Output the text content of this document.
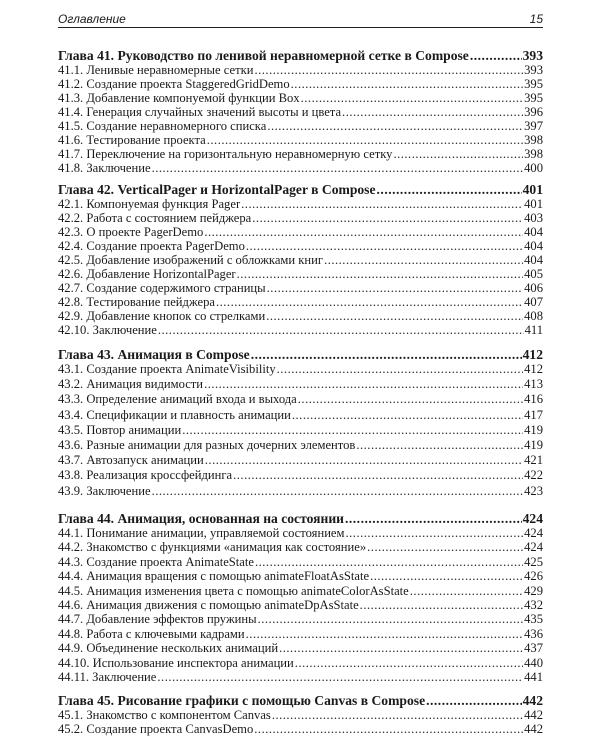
Оглавление	15
Глава 41. Руководство по ленивой неравномерной сетке в Compose .....	393
41.1. Ленивые неравномерные сетки .....	393
41.2. Создание проекта StaggeredGridDemo .....	395
41.3. Добавление компонуемой функции Box .....	395
41.4. Генерация случайных значений высоты и цвета .....	396
41.5. Создание неравномерного списка .....	397
41.6. Тестирование проекта .....	398
41.7. Переключение на горизонтальную неравномерную сетку .....	398
41.8. Заключение .....	400
Глава 42. VerticalPager и HorizontalPager в Compose .....	401
42.1. Компонуемая функция Pager .....	401
42.2. Работа с состоянием пейджера .....	403
42.3. О проекте PagerDemo .....	404
42.4. Создание проекта PagerDemo .....	404
42.5. Добавление изображений с обложками книг .....	404
42.6. Добавление HorizontalPager .....	405
42.7. Создание содержимого страницы .....	406
42.8. Тестирование пейджера .....	407
42.9. Добавление кнопок со стрелками .....	408
42.10. Заключение .....	411
Глава 43. Анимация в Compose .....	412
43.1. Создание проекта AnimateVisibility .....	412
43.2. Анимация видимости .....	413
43.3. Определение анимаций входа и выхода .....	416
43.4. Спецификации и плавность анимации .....	417
43.5. Повтор анимации .....	419
43.6. Разные анимации для разных дочерних элементов .....	419
43.7. Автозапуск анимации .....	421
43.8. Реализация кроссфейдинга .....	422
43.9. Заключение .....	423
Глава 44. Анимация, основанная на состоянии .....	424
44.1. Понимание анимации, управляемой состоянием .....	424
44.2. Знакомство с функциями «анимация как состояние» .....	424
44.3. Создание проекта AnimateState .....	425
44.4. Анимация вращения с помощью animateFloatAsState .....	426
44.5. Анимация изменения цвета с помощью animateColorAsState .....	429
44.6. Анимация движения с помощью animateDpAsState .....	432
44.7. Добавление эффектов пружины .....	435
44.8. Работа с ключевыми кадрами .....	436
44.9. Объединение нескольких анимаций .....	437
44.10. Использование инспектора анимации .....	440
44.11. Заключение .....	441
Глава 45. Рисование графики с помощью Canvas в Compose .....	442
45.1. Знакомство с компонентом Canvas .....	442
45.2. Создание проекта CanvasDemo .....	442
